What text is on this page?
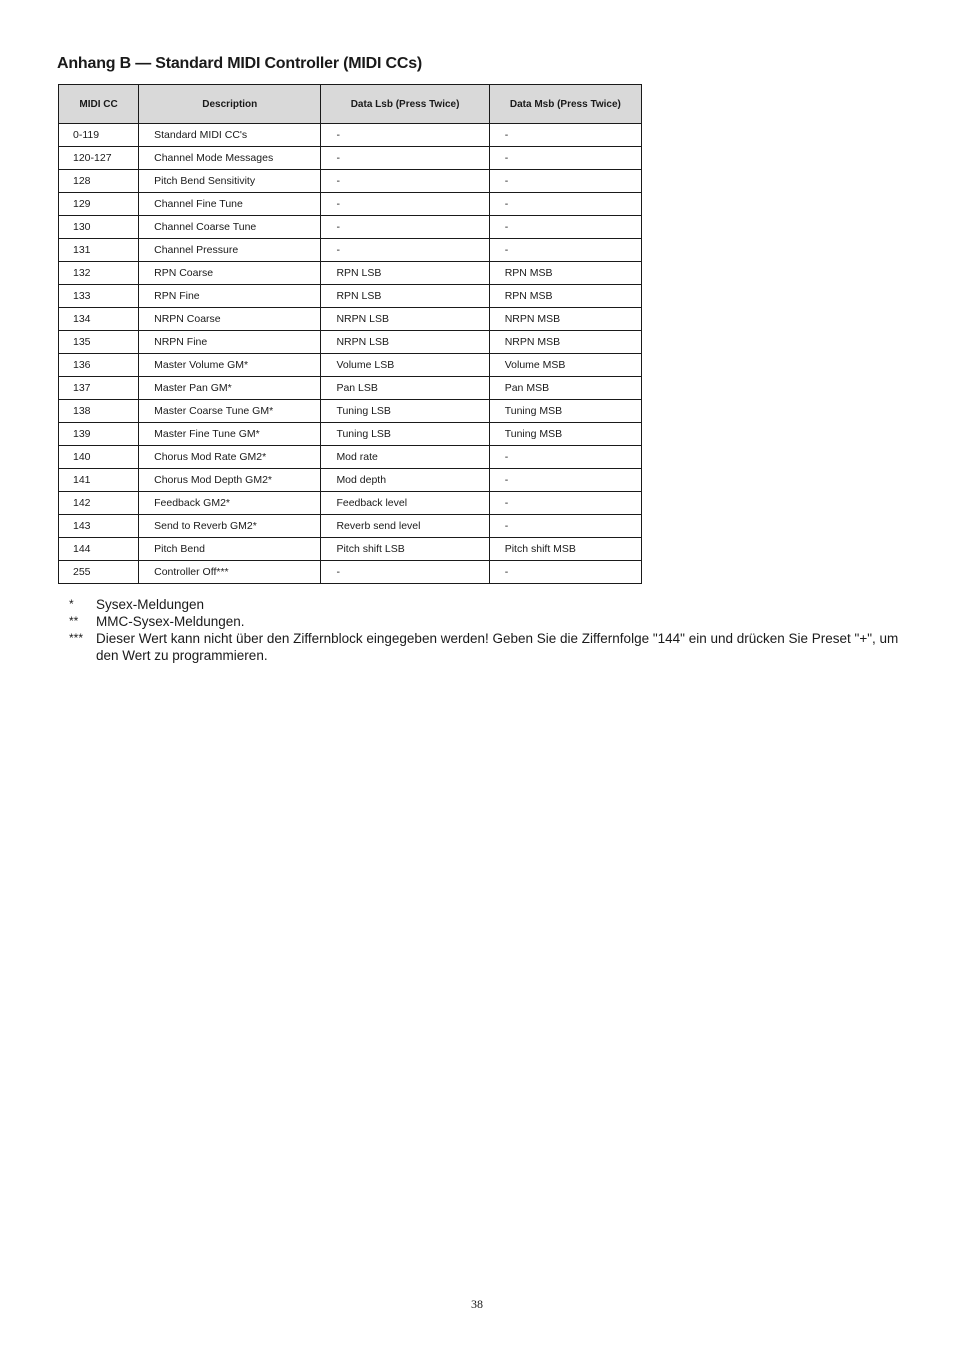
Anhang B — Standard MIDI Controller (MIDI CCs)
MIDI CC	Description	Data Lsb (Press Twice)	Data Msb (Press Twice)
0-119	Standard MIDI CC's	-	-
120-127	Channel Mode Messages	-	-
128	Pitch Bend Sensitivity	-	-
129	Channel Fine Tune	-	-
130	Channel Coarse Tune	-	-
131	Channel Pressure	-	-
132	RPN Coarse	RPN LSB	RPN MSB
133	RPN Fine	RPN LSB	RPN MSB
134	NRPN Coarse	NRPN LSB	NRPN MSB
135	NRPN Fine	NRPN LSB	NRPN MSB
136	Master Volume GM*	Volume LSB	Volume MSB
137	Master Pan GM*	Pan LSB	Pan MSB
138	Master Coarse Tune GM*	Tuning LSB	Tuning MSB
139	Master Fine Tune GM*	Tuning LSB	Tuning MSB
140	Chorus Mod Rate GM2*	Mod rate	-
141	Chorus Mod Depth GM2*	Mod depth	-
142	Feedback GM2*	Feedback level	-
143	Send to Reverb GM2*	Reverb send level	-
144	Pitch Bend	Pitch shift LSB	Pitch shift MSB
255	Controller Off***	-	-
*	Sysex-Meldungen
**	MMC-Sysex-Meldungen.
*** Dieser Wert kann nicht über den Ziffernblock eingegeben werden! Geben Sie die Ziffernfolge "144" ein und drücken Sie Preset "+", um den Wert zu programmieren.
38
